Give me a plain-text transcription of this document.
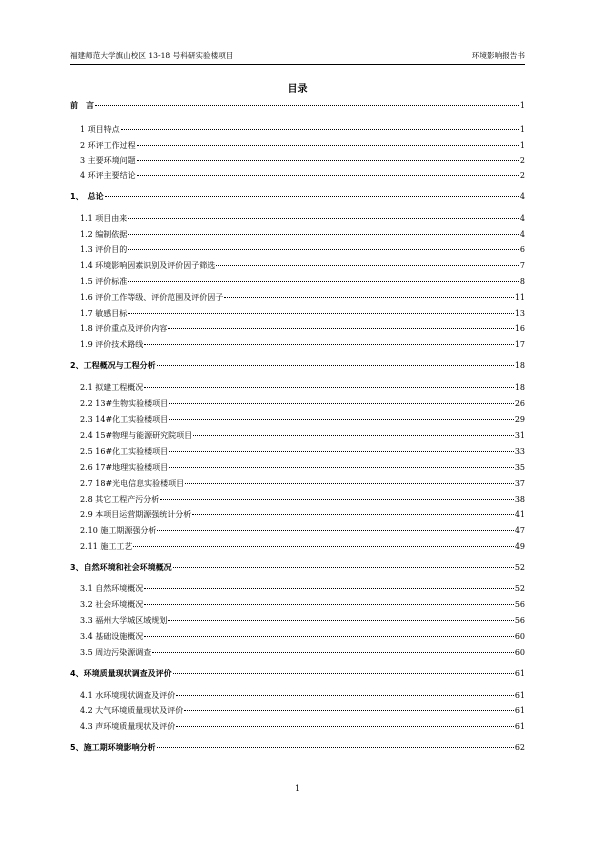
福建师范大学旗山校区 13-18 号科研实验楼项目	环境影响报告书
目录
前　言	1
1 项目特点	1
2 环评工作过程	1
3 主要环境问题	2
4 环评主要结论	2
1、　总论	4
1.1 项目由来	4
1.2 编制依据	4
1.3 评价目的	6
1.4 环境影响因素识别及评价因子筛选	7
1.5 评价标准	8
1.6 评价工作等级、评价范围及评价因子	11
1.7 敏感目标	13
1.8 评价重点及评价内容	16
1.9 评价技术路线	17
2、工程概况与工程分析	18
2.1 拟建工程概况	18
2.2 13#生物实验楼项目	26
2.3 14#化工实验楼项目	29
2.4 15#物理与能源研究院项目	31
2.5 16#化工实验楼项目	33
2.6 17#地理实验楼项目	35
2.7 18#光电信息实验楼项目	37
2.8 其它工程产污分析	38
2.9 本项目运营期源强统计分析	41
2.10 施工期源强分析	47
2.11 施工工艺	49
3、自然环境和社会环境概况	52
3.1 自然环境概况	52
3.2 社会环境概况	56
3.3 福州大学城区域规划	56
3.4 基础设施概况	60
3.5 周边污染源调查	60
4、环境质量现状调查及评价	61
4.1 水环境现状调查及评价	61
4.2 大气环境质量现状及评价	61
4.3 声环境质量现状及评价	61
5、施工期环境影响分析	62
1
